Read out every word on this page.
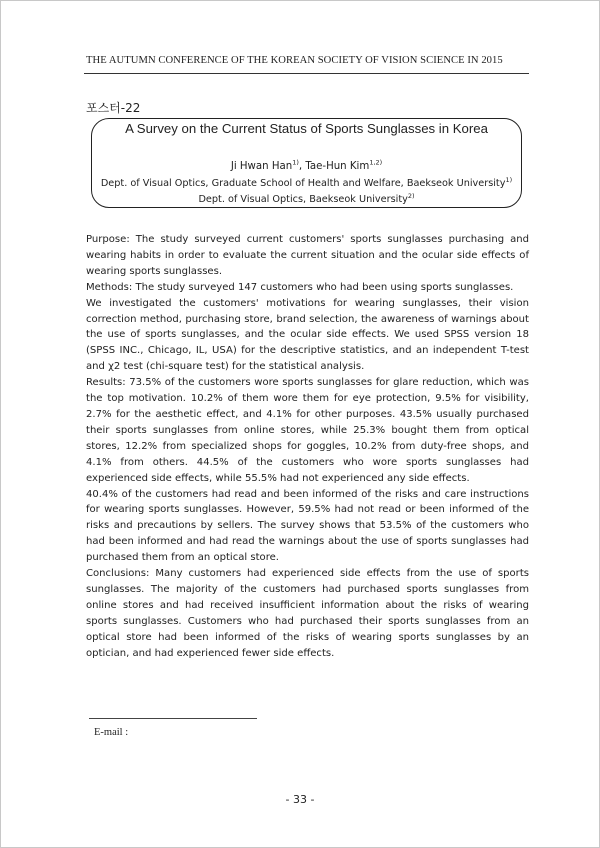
THE AUTUMN CONFERENCE OF THE KOREAN SOCIETY OF VISION SCIENCE IN 2015
포스터-22
A Survey on the Current Status of Sports Sunglasses in Korea
Ji Hwan Han$^{1)}$, Tae-Hun Kim$^{1,2)}$
Dept. of Visual Optics, Graduate School of Health and Welfare, Baekseok University$^{1)}$
Dept. of Visual Optics, Baekseok University$^{2)}$

Purpose: The study surveyed current customers' sports sunglasses purchasing and wearing habits in order to evaluate the current situation and the ocular side effects of wearing sports sunglasses.

Methods: The study surveyed 147 customers who had been using sports sunglasses.

We investigated the customers' motivations for wearing sunglasses, their vision correction method, purchasing store, brand selection, the awareness of warnings about the use of sports sunglasses, and the ocular side effects. We used SPSS version 18 (SPSS INC., Chicago, IL, USA) for the descriptive statistics, and an independent T-test and χ2 test (chi-square test) for the statistical analysis.

Results: 73.5% of the customers wore sports sunglasses for glare reduction, which was the top motivation. 10.2% of them wore them for eye protection, 9.5% for visibility, 2.7% for the aesthetic effect, and 4.1% for other purposes. 43.5% usually purchased their sports sunglasses from online stores, while 25.3% bought them from optical stores, 12.2% from specialized shops for goggles, 10.2% from duty-free shops, and 4.1% from others. 44.5% of the customers who wore sports sunglasses had experienced side effects, while 55.5% had not experienced any side effects.

40.4% of the customers had read and been informed of the risks and care instructions for wearing sports sunglasses. However, 59.5% had not read or been informed of the risks and precautions by sellers. The survey shows that 53.5% of the customers who had been informed and had read the warnings about the use of sports sunglasses had purchased them from an optical store.

Conclusions: Many customers had experienced side effects from the use of sports sunglasses. The majority of the customers had purchased sports sunglasses from online stores and had received insufficient information about the risks of wearing sports sunglasses. Customers who had purchased their sports sunglasses from an optical store had been informed of the risks of wearing sports sunglasses by an optician, and had experienced fewer side effects.

E-mail :
- 33 -
